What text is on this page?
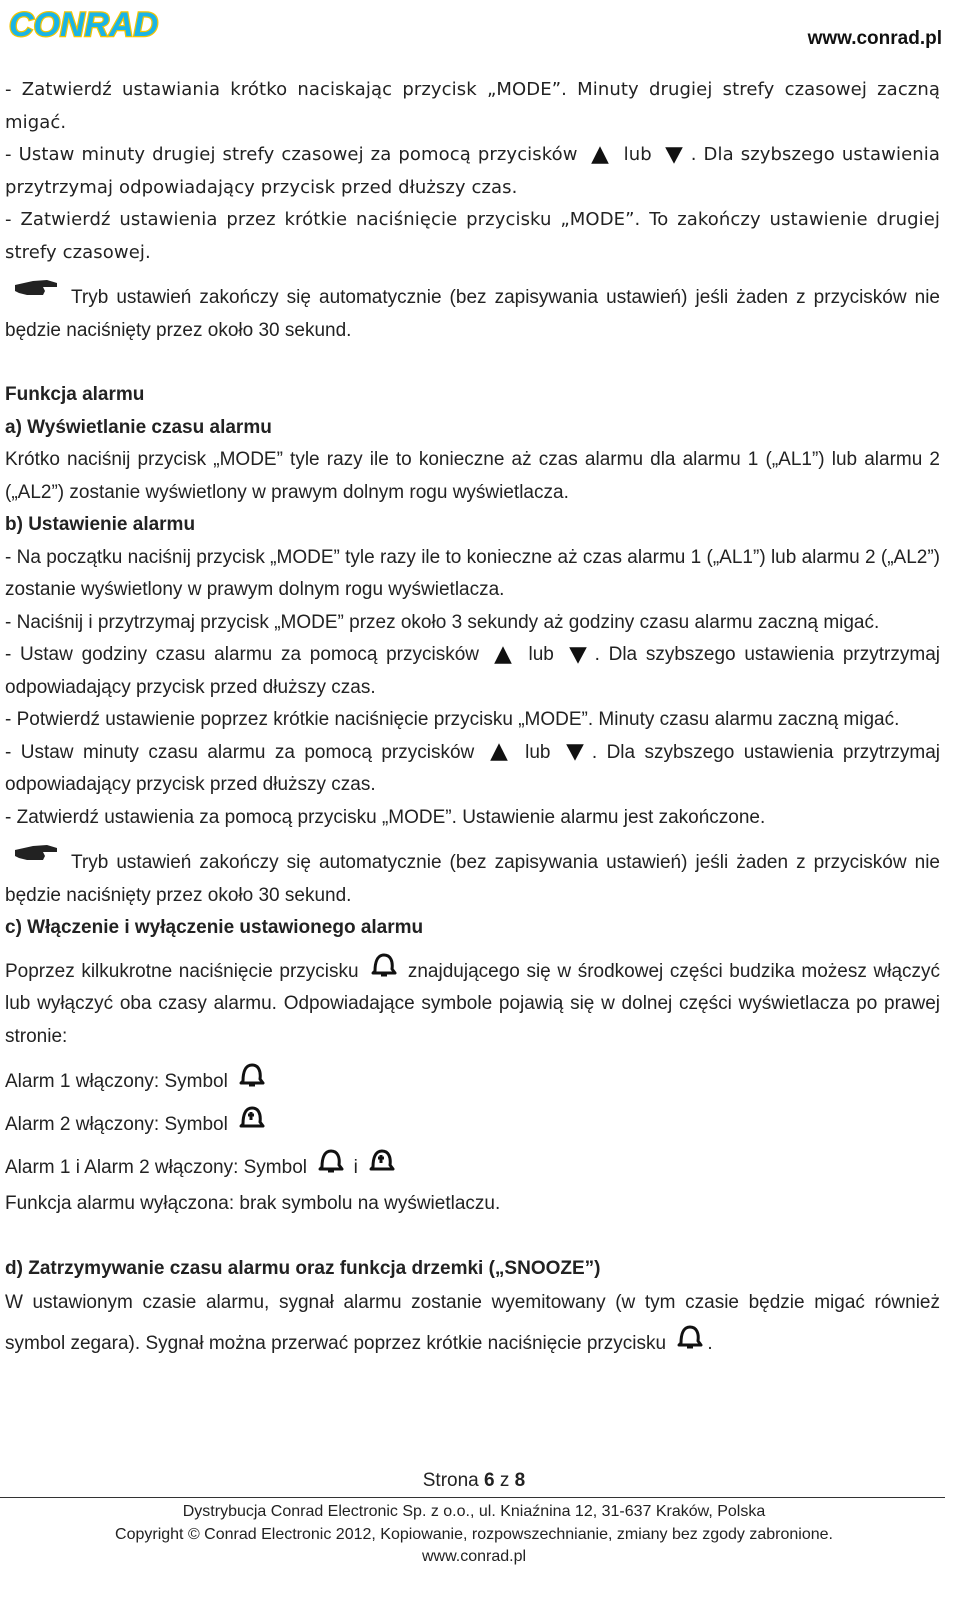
CONRAD	www.conrad.pl

- Zatwierdź ustawiania krótko naciskając przycisk „MODE”. Minuty drugiej strefy czasowej zaczną migać.

- Ustaw minuty drugiej strefy czasowej za pomocą przycisków	lub . Dla szybszego ustawienia przytrzymaj odpowiadający przycisk przed dłuższy czas.

- Zatwierdź ustawienia przez krótkie naciśnięcie przycisku „MODE”. To zakończy ustawienie drugiej strefy czasowej.

Tryb ustawień zakończy się automatycznie (bez zapisywania ustawień) jeśli żaden z przycisków nie będzie naciśnięty przez około 30 sekund.

Funkcja alarmu

a) Wyświetlanie czasu alarmu

Krótko naciśnij przycisk „MODE” tyle razy ile to konieczne aż czas alarmu dla alarmu 1 („AL1”) lub alarmu 2 („AL2”) zostanie wyświetlony w prawym dolnym rogu wyświetlacza.

b) Ustawienie alarmu

- Na początku naciśnij przycisk „MODE” tyle razy ile to konieczne aż czas alarmu 1 („AL1”) lub alarmu 2 („AL2”) zostanie wyświetlony w prawym dolnym rogu wyświetlacza.

- Naciśnij i przytrzymaj przycisk „MODE” przez około 3 sekundy aż godziny czasu alarmu zaczną migać.

- Ustaw godziny czasu alarmu za pomocą przycisków	lub . Dla szybszego ustawienia przytrzymaj odpowiadający przycisk przed dłuższy czas.

- Potwierdź ustawienie poprzez krótkie naciśnięcie przycisku „MODE”. Minuty czasu alarmu zaczną migać.

- Ustaw minuty czasu alarmu za pomocą przycisków	lub . Dla szybszego ustawienia przytrzymaj odpowiadający przycisk przed dłuższy czas.

- Zatwierdź ustawienia za pomocą przycisku „MODE”. Ustawienie alarmu jest zakończone.

Tryb ustawień zakończy się automatycznie (bez zapisywania ustawień) jeśli żaden z przycisków nie będzie naciśnięty przez około 30 sekund.

c) Włączenie i wyłączenie ustawionego alarmu

Poprzez kilkukrotne naciśnięcie przycisku	znajdującego się w środkowej części budzika możesz włączyć lub wyłączyć oba czasy alarmu. Odpowiadające symbole pojawią się w dolnej części wyświetlacza po prawej stronie:

Alarm 1 włączony: Symbol

Alarm 2 włączony: Symbol

Alarm 1 i Alarm 2 włączony: Symbol i

Funkcja alarmu wyłączona: brak symbolu na wyświetlaczu.

d) Zatrzymywanie czasu alarmu oraz funkcja drzemki („SNOOZE”)

W ustawionym czasie alarmu, sygnał alarmu zostanie wyemitowany (w tym czasie będzie migać również symbol zegara). Sygnał można przerwać poprzez krótkie naciśnięcie przycisku .

Strona 6 z 8
Dystrybucja Conrad Electronic Sp. z o.o., ul. Kniaźnina 12, 31-637 Kraków, Polska
Copyright © Conrad Electronic 2012, Kopiowanie, rozpowszechnianie, zmiany bez zgody zabronione.
www.conrad.pl
